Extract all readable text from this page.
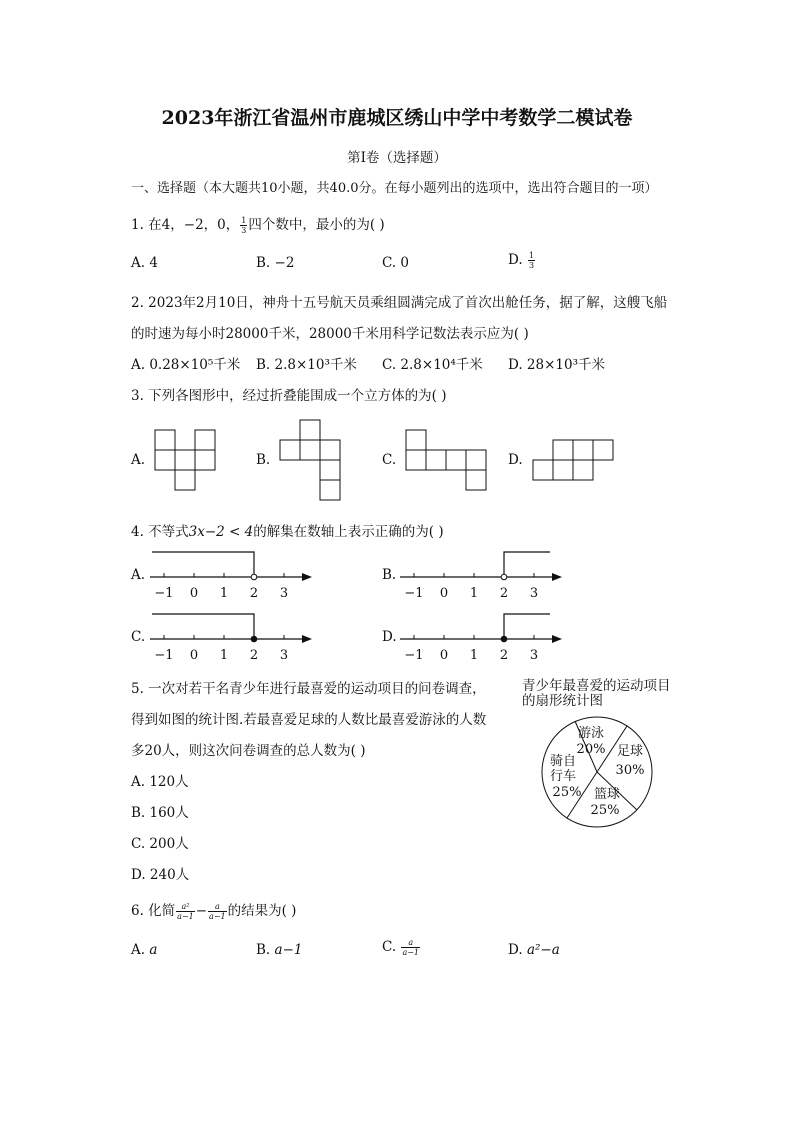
2023年浙江省温州市鹿城区绣山中学中考数学二模试卷
第I卷（选择题）
一、选择题（本大题共10小题，共40.0分。在每小题列出的选项中，选出符合题目的一项）
1. 在4，−2，0， $\frac{1}{3}$ 四个数中，最小的为( )
A. 4	B. −2	C. 0	D. $\frac{1}{3}$
2. 2023年2月10日，神舟十五号航天员乘组圆满完成了首次出舱任务，据了解，这艘飞船
的时速为每小时28000千米，28000千米用科学记数法表示应为( )
A. 0.28×10⁵千米 B. 2.8×10³千米 C. 2.8×10⁴千米 D. 28×10³千米
3. 下列各图形中，经过折叠能围成一个立方体的为( )
A.	B.	C.	D.
4. 不等式3x−2 < 4的解集在数轴上表示正确的为( )
A.	B.
C.	D.
−1 0 1 2 3	−1 0 1 2 3
−1 0 1 2 3	−1 0 1 2 3
5. 一次对若干名青少年进行最喜爱的运动项目的问卷调查，
得到如图的统计图.若最喜爱足球的人数比最喜爱游泳的人数
多20人，则这次问卷调查的总人数为( )
A. 120人
B. 160人
C. 200人
D. 240人
青少年最喜爱的运动项目
的扇形统计图
游泳
20% 足球
30%
篮球
25%
骑自
行车
25%
6. 化简 $\frac{\text{a²}}{a-1} - \frac{a}{a-1}$ 的结果为( )
A. a	B. a−1	C. $\frac{a}{a-1}$	D. a²−a
